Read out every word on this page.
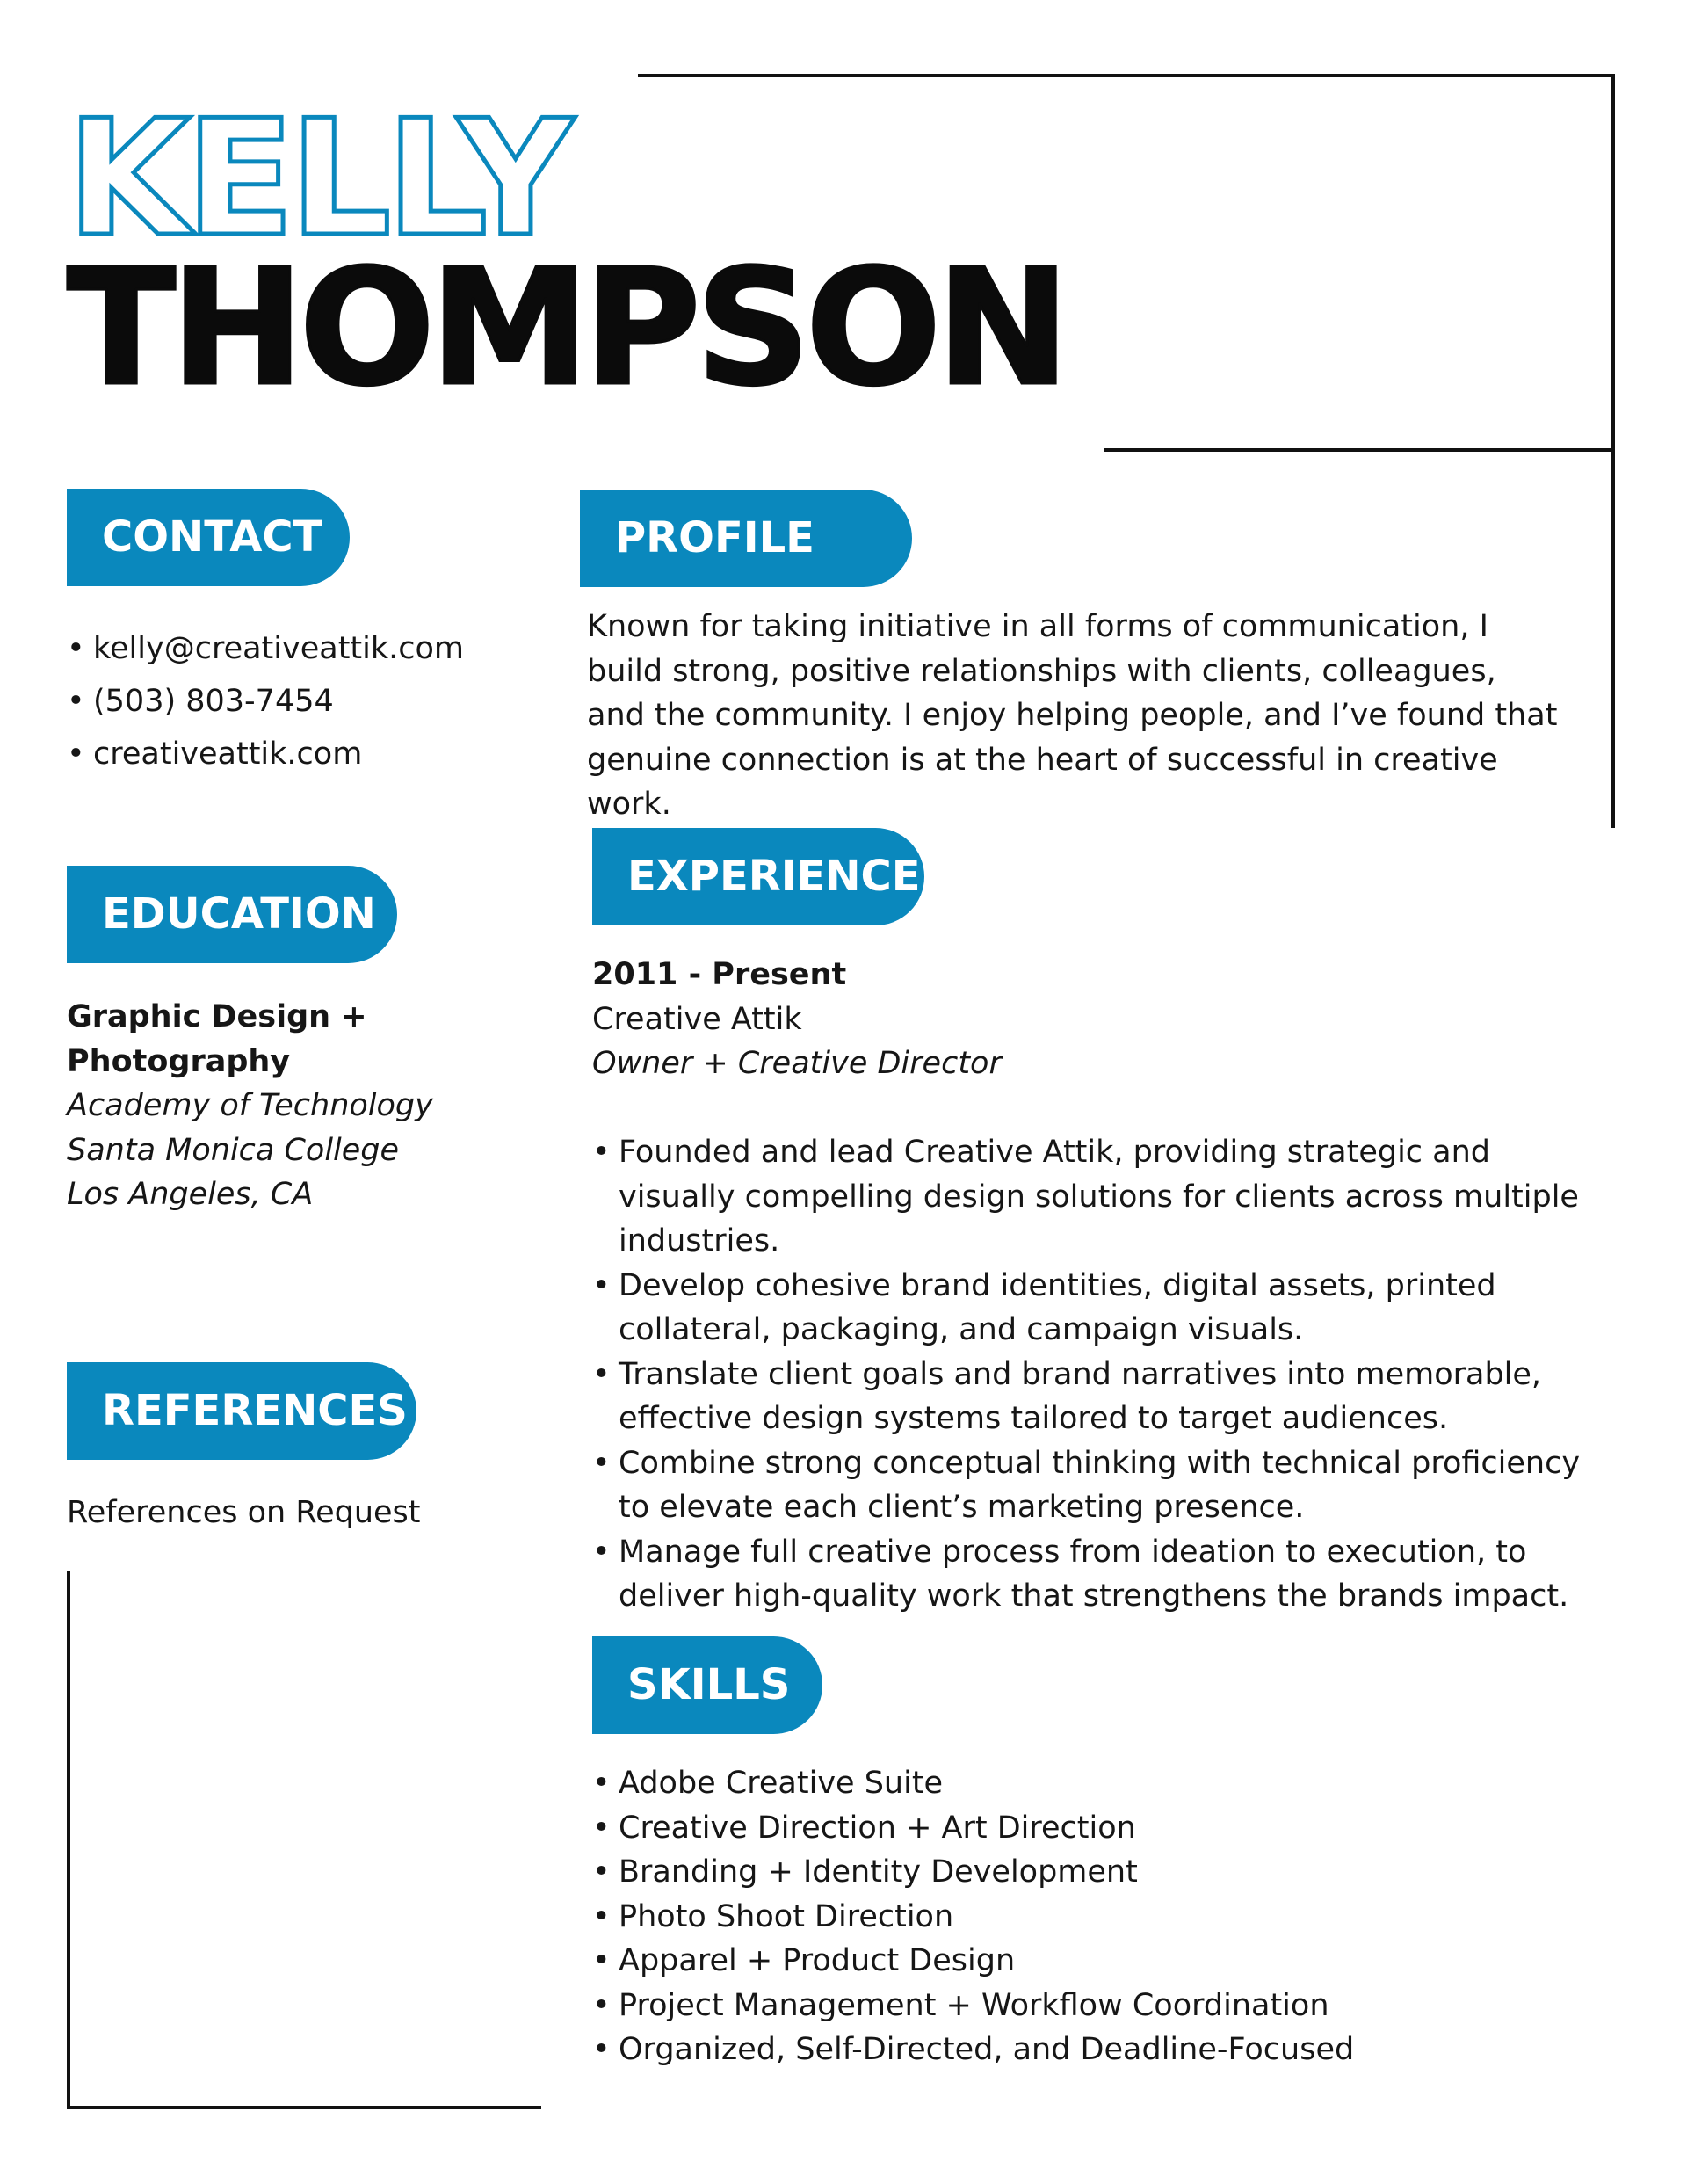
KELLY
THOMPSON
CONTACT
• kelly@creativeattik.com
• (503) 803-7454
• creativeattik.com
EDUCATION
Graphic Design +
Photography
Academy of Technology
Santa Monica College
Los Angeles, CA
REFERENCES
References on Request
PROFILE
Known for taking initiative in all forms of communication, I build strong, positive relationships with clients, colleagues, and the community. I enjoy helping people, and I’ve found that genuine connection is at the heart of successful in creative work.
EXPERIENCE
2011 - Present
Creative Attik
Owner + Creative Director
• Founded and lead Creative Attik, providing strategic and visually compelling design solutions for clients across multiple industries.
• Develop cohesive brand identities, digital assets, printed collateral, packaging, and campaign visuals.
• Translate client goals and brand narratives into memorable, effective design systems tailored to target audiences.
• Combine strong conceptual thinking with technical proficiency to elevate each client’s marketing presence.
• Manage full creative process from ideation to execution, to deliver high-quality work that strengthens the brands impact.
SKILLS
• Adobe Creative Suite
• Creative Direction + Art Direction
• Branding + Identity Development
• Photo Shoot Direction
• Apparel + Product Design
• Project Management + Workflow Coordination
• Organized, Self-Directed, and Deadline-Focused
